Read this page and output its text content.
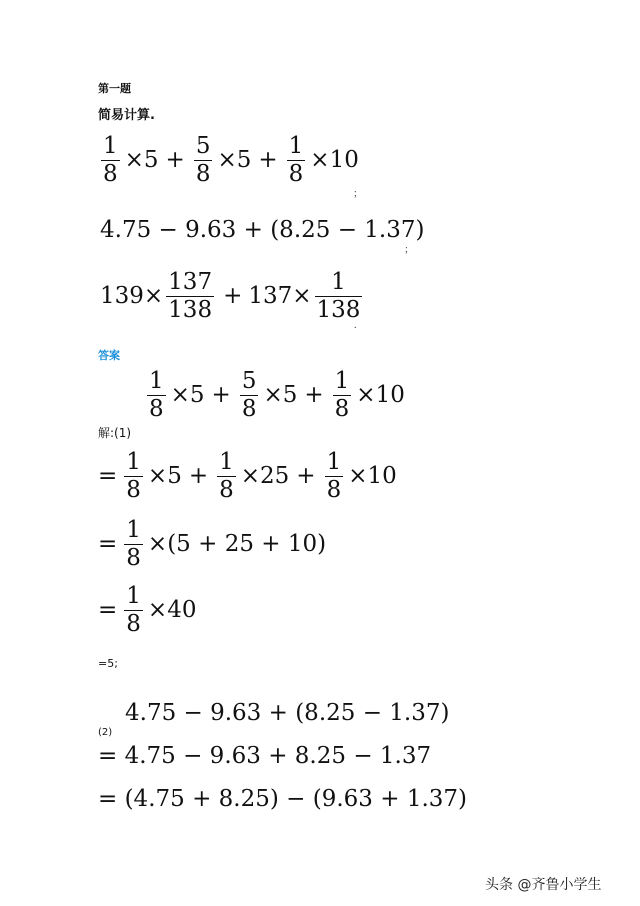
第一题
简易计算.
$\frac{1}{8} \times 5 + \frac{5}{8} \times 5 + \frac{1}{8} \times 10$
;
4.75 − 9.63 + (8.25 − 1.37)
;
$139\times \frac{137}{138} + 137\times \frac{1}{138}$
.
答案
$\frac{1}{8} \times 5 + \frac{5}{8} \times 5 + \frac{1}{8} \times 10$
解:(1)
= $\frac{1}{8} \times 5 + \frac{1}{8} \times 25 + \frac{1}{8} \times 10$
= $\frac{1}{8} \times(5 + 25 + 10)$
= $\frac{1}{8} \times 40$
=5;
4.75 − 9.63 + (8.25 − 1.37)
(2)
= 4.75 − 9.63 + 8.25 − 1.37
= (4.75 + 8.25) − (9.63 + 1.37)
头条 @齐鲁小学生
